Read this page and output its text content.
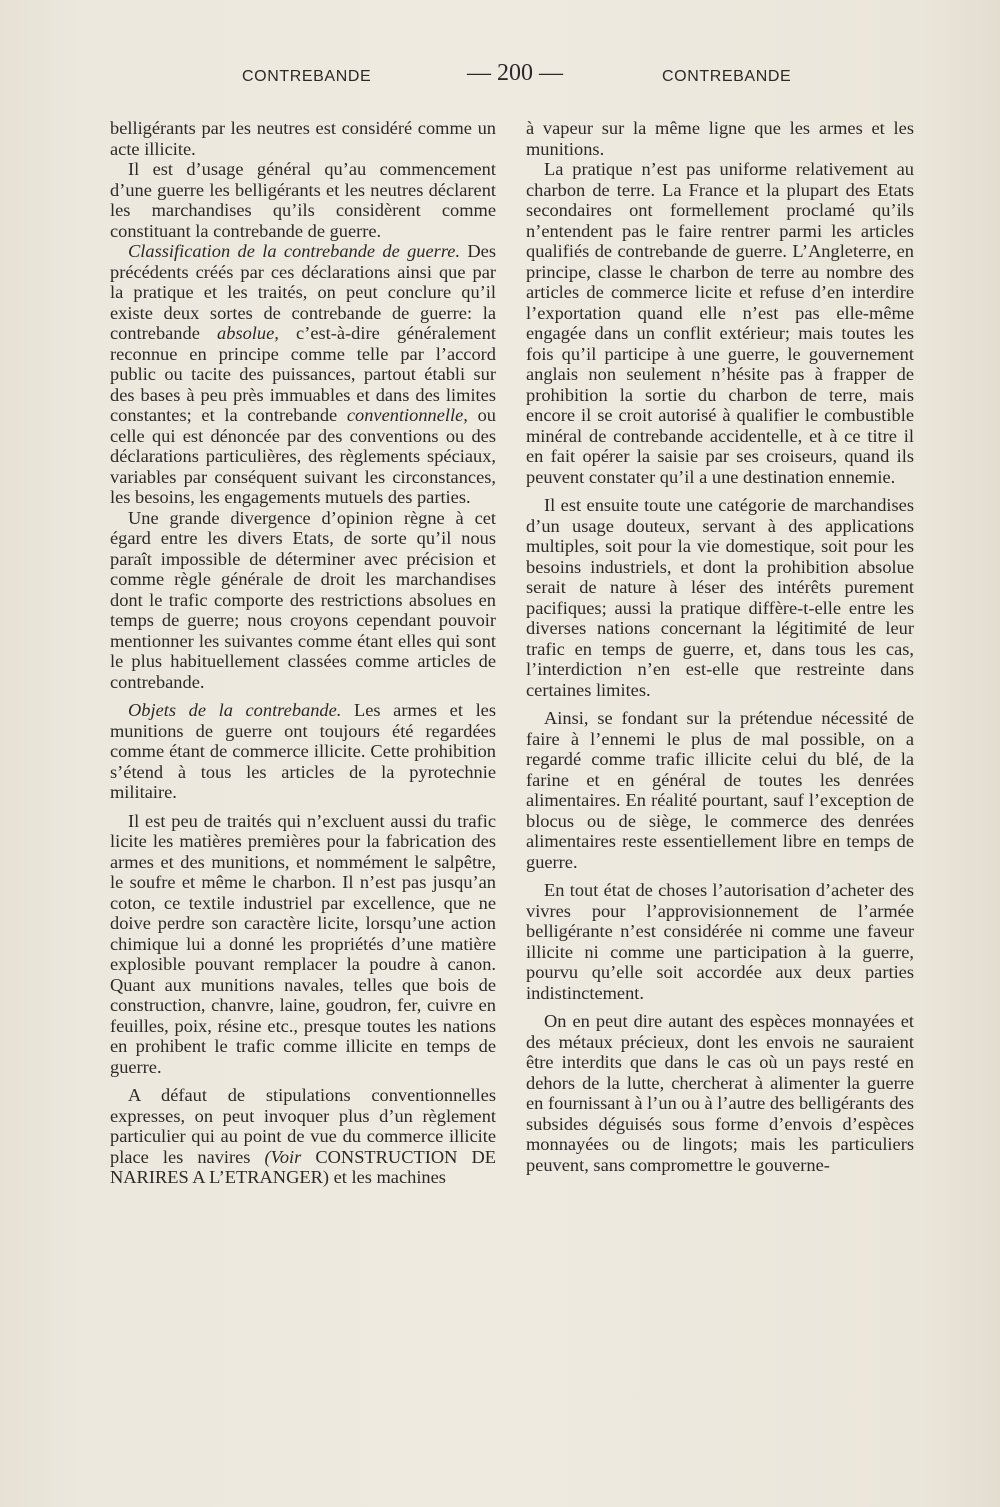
CONTREBANDE	— 200 —	CONTREBANDE

belligérants par les neutres est considéré comme un acte illicite.

Il est d’usage général qu’au commencement d’une guerre les belligérants et les neutres déclarent les marchandises qu’ils considèrent comme constituant la contrebande de guerre.

Classification de la contrebande de guerre. Des précédents créés par ces déclarations ainsi que par la pratique et les traités, on peut conclure qu’il existe deux sortes de contrebande de guerre: la contrebande absolue, c’est-à-dire généralement reconnue en principe comme telle par l’accord public ou tacite des puissances, partout établi sur des bases à peu près immuables et dans des limites constantes; et la contrebande conventionnelle, ou celle qui est dénoncée par des conventions ou des déclarations particulières, des règlements spéciaux, variables par conséquent suivant les circonstances, les besoins, les engagements mutuels des parties.

Une grande divergence d’opinion règne à cet égard entre les divers Etats, de sorte qu’il nous paraît impossible de déterminer avec précision et comme règle générale de droit les marchandises dont le trafic comporte des restrictions absolues en temps de guerre; nous croyons cependant pouvoir mentionner les suivantes comme étant elles qui sont le plus habituellement classées comme articles de contrebande.

Objets de la contrebande. Les armes et les munitions de guerre ont toujours été regardées comme étant de commerce illicite. Cette prohibition s’étend à tous les articles de la pyrotechnie militaire.

Il est peu de traités qui n’excluent aussi du trafic licite les matières premières pour la fabrication des armes et des munitions, et nommément le salpêtre, le soufre et même le charbon. Il n’est pas jusqu’an coton, ce textile industriel par excellence, que ne doive perdre son caractère licite, lorsqu’une action chimique lui a donné les propriétés d’une matière explosible pouvant remplacer la poudre à canon. Quant aux munitions navales, telles que bois de construction, chanvre, laine, goudron, fer, cuivre en feuilles, poix, résine etc., presque toutes les nations en prohibent le trafic comme illicite en temps de guerre.

A défaut de stipulations conventionnelles expresses, on peut invoquer plus d’un règlement particulier qui au point de vue du commerce illicite place les navires (Voir CONSTRUCTION DE NARIRES A L’ETRANGER) et les machines

à vapeur sur la même ligne que les armes et les munitions.

La pratique n’est pas uniforme relativement au charbon de terre. La France et la plupart des Etats secondaires ont formellement proclamé qu’ils n’entendent pas le faire rentrer parmi les articles qualifiés de contrebande de guerre. L’Angleterre, en principe, classe le charbon de terre au nombre des articles de commerce licite et refuse d’en interdire l’exportation quand elle n’est pas elle-même engagée dans un conflit extérieur; mais toutes les fois qu’il participe à une guerre, le gouvernement anglais non seulement n’hésite pas à frapper de prohibition la sortie du charbon de terre, mais encore il se croit autorisé à qualifier le combustible minéral de contrebande accidentelle, et à ce titre il en fait opérer la saisie par ses croiseurs, quand ils peuvent constater qu’il a une destination ennemie.

Il est ensuite toute une catégorie de marchandises d’un usage douteux, servant à des applications multiples, soit pour la vie domestique, soit pour les besoins industriels, et dont la prohibition absolue serait de nature à léser des intérêts purement pacifiques; aussi la pratique diffère-t-elle entre les diverses nations concernant la légitimité de leur trafic en temps de guerre, et, dans tous les cas, l’interdiction n’en est-elle que restreinte dans certaines limites.

Ainsi, se fondant sur la prétendue nécessité de faire à l’ennemi le plus de mal possible, on a regardé comme trafic illicite celui du blé, de la farine et en général de toutes les denrées alimentaires. En réalité pourtant, sauf l’exception de blocus ou de siège, le commerce des denrées alimentaires reste essentiellement libre en temps de guerre.

En tout état de choses l’autorisation d’acheter des vivres pour l’approvisionnement de l’armée belligérante n’est considérée ni comme une faveur illicite ni comme une participation à la guerre, pourvu qu’elle soit accordée aux deux parties indistinctement.

On en peut dire autant des espèces monnayées et des métaux précieux, dont les envois ne sauraient être interdits que dans le cas où un pays resté en dehors de la lutte, chercherat à alimenter la guerre en fournissant à l’un ou à l’autre des belligérants des subsides déguisés sous forme d’envois d’espèces monnayées ou de lingots; mais les particuliers peuvent, sans compromettre le gouverne-
